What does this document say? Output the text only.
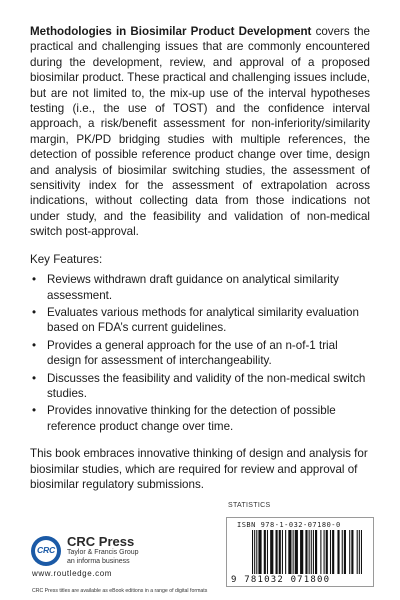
Methodologies in Biosimilar Product Development covers the practical and challenging issues that are commonly encountered during the development, review, and approval of a proposed biosimilar product. These practical and challenging issues include, but are not limited to, the mix-up use of the interval hypotheses testing (i.e., the use of TOST) and the confidence interval approach, a risk/benefit assessment for non-inferiority/similarity margin, PK/PD bridging studies with multiple references, the detection of possible reference product change over time, design and analysis of biosimilar switching studies, the assessment of sensitivity index for the assessment of extrapolation across indications, without collecting data from those indications not under study, and the feasibility and validation of non-medical switch post-approval.

Key Features:

• Reviews withdrawn draft guidance on analytical similarity assessment.
• Evaluates various methods for analytical similarity evaluation based on FDA’s current guidelines.
• Provides a general approach for the use of an n-of-1 trial design for assessment of interchangeability.
• Discusses the feasibility and validity of the non-medical switch studies.
• Provides innovative thinking for the detection of possible reference product change over time.

This book embraces innovative thinking of design and analysis for biosimilar studies, which are required for review and approval of biosimilar regulatory submissions.

CRC
CRC Press
Taylor & Francis Group
an informa business
www.routledge.com
CRC Press titles are available as eBook editions in a range of digital formats
STATISTICS
ISBN 978-1-032-07180-0
9 781032 071800
